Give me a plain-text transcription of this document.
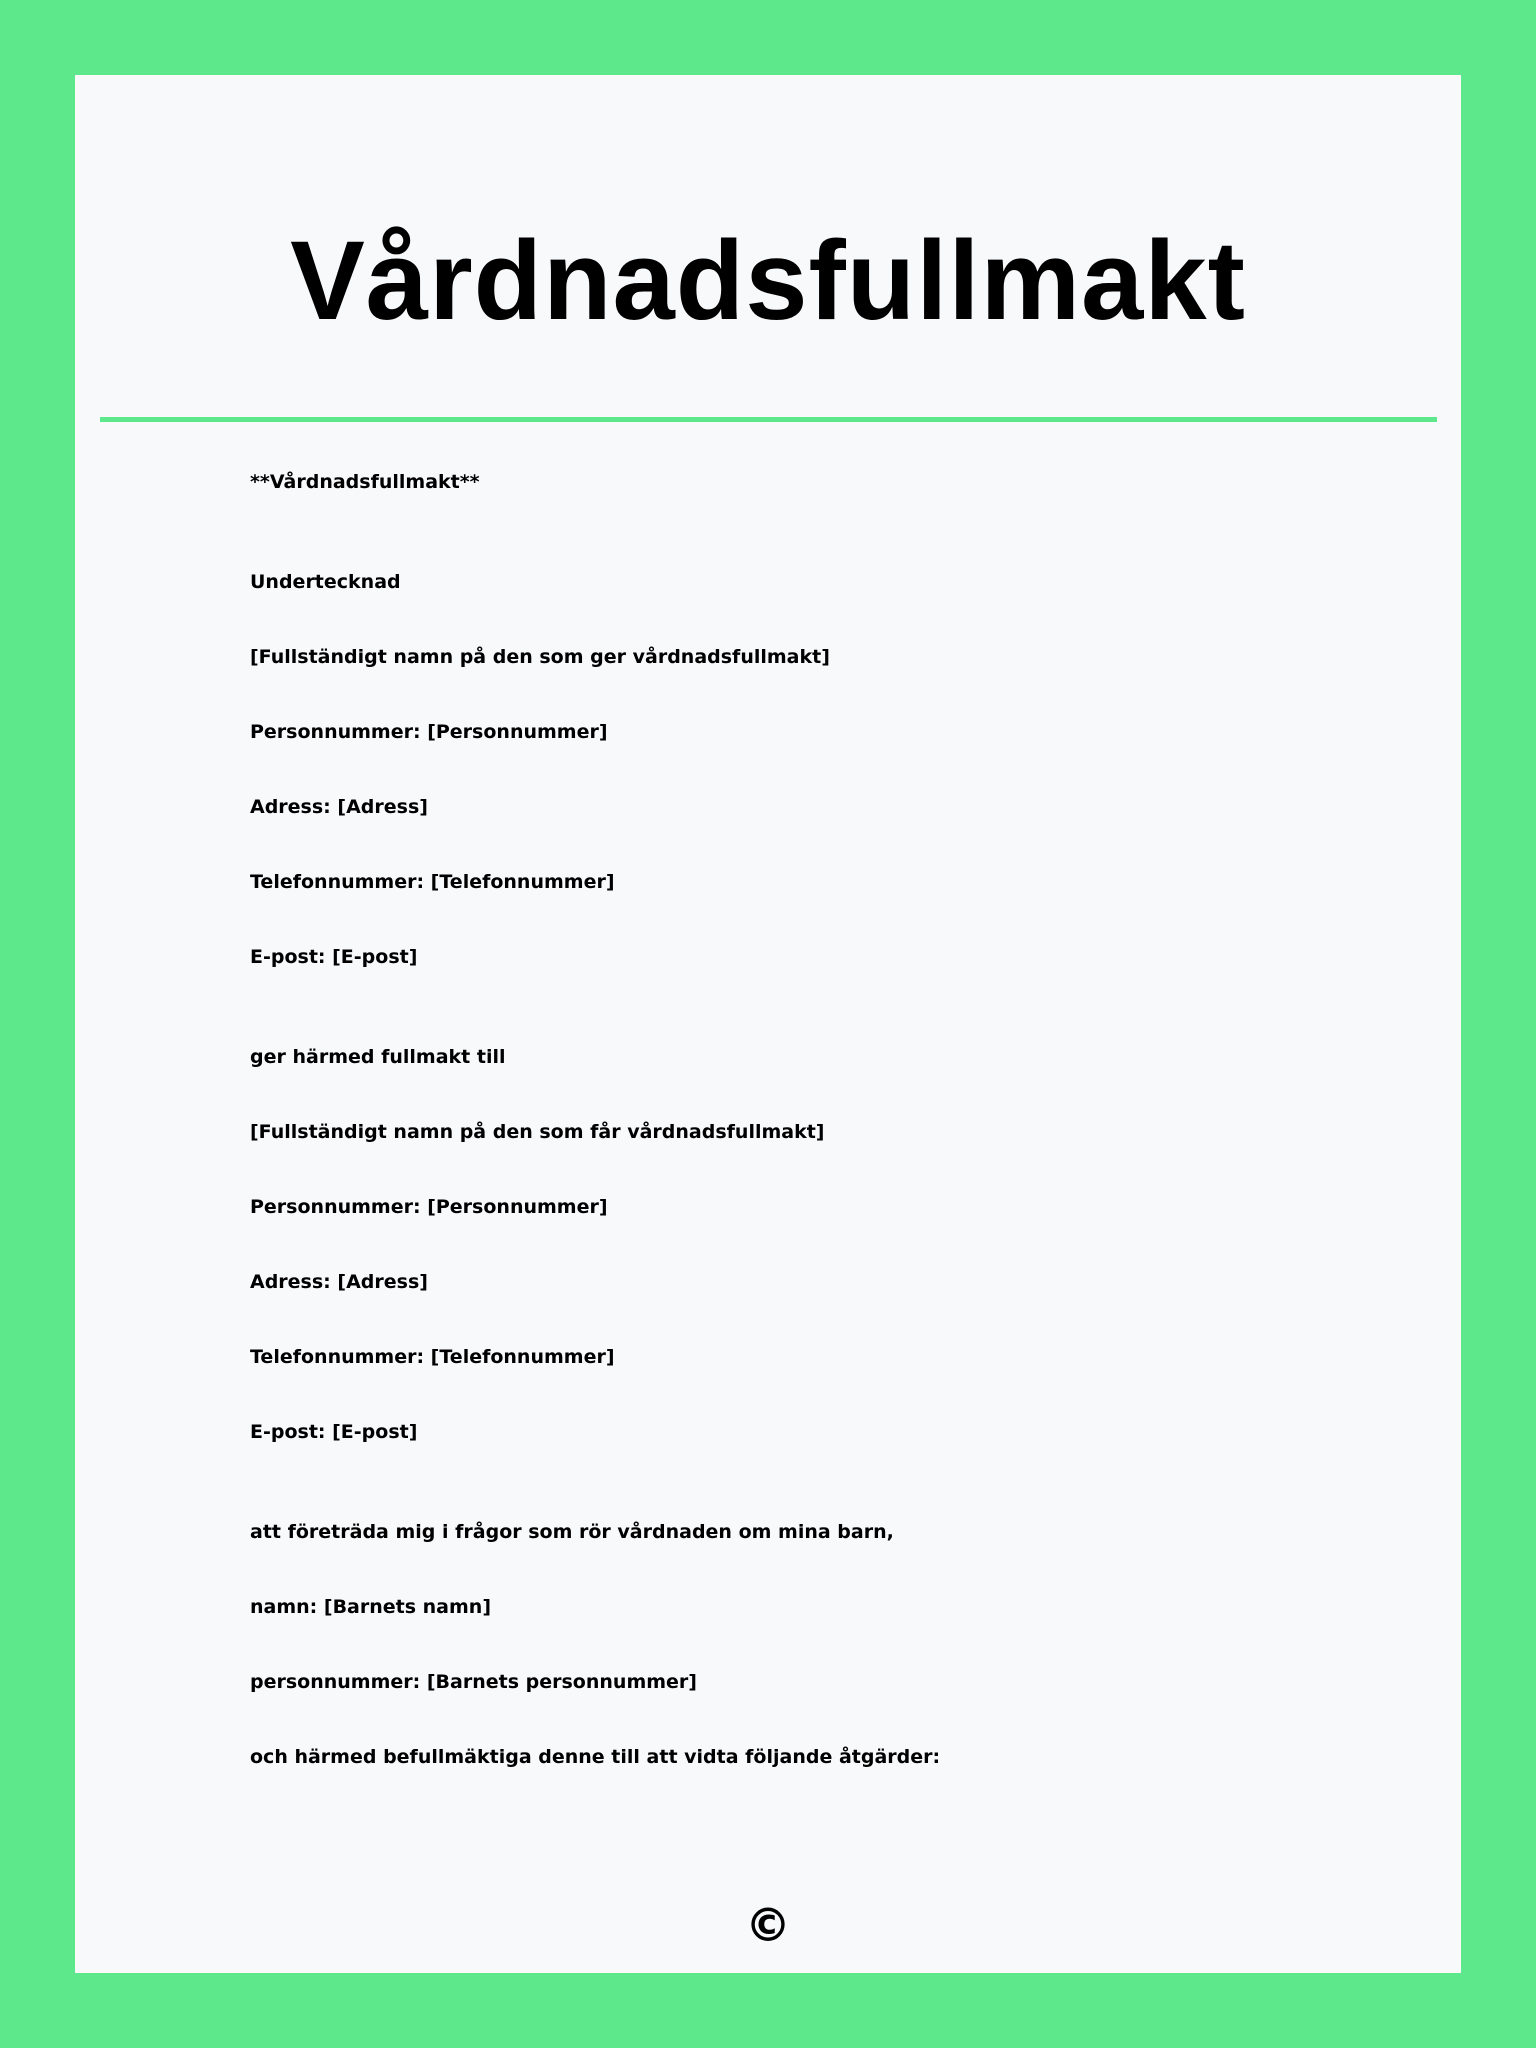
Vårdnadsfullmakt

**Vårdnadsfullmakt**

Undertecknad

[Fullständigt namn på den som ger vårdnadsfullmakt]

Personnummer: [Personnummer]

Adress: [Adress]

Telefonnummer: [Telefonnummer]

E-post: [E-post]

ger härmed fullmakt till

[Fullständigt namn på den som får vårdnadsfullmakt]

Personnummer: [Personnummer]

Adress: [Adress]

Telefonnummer: [Telefonnummer]

E-post: [E-post]

att företräda mig i frågor som rör vårdnaden om mina barn,

namn: [Barnets namn]

personnummer: [Barnets personnummer]

och härmed befullmäktiga denne till att vidta följande åtgärder:

©
